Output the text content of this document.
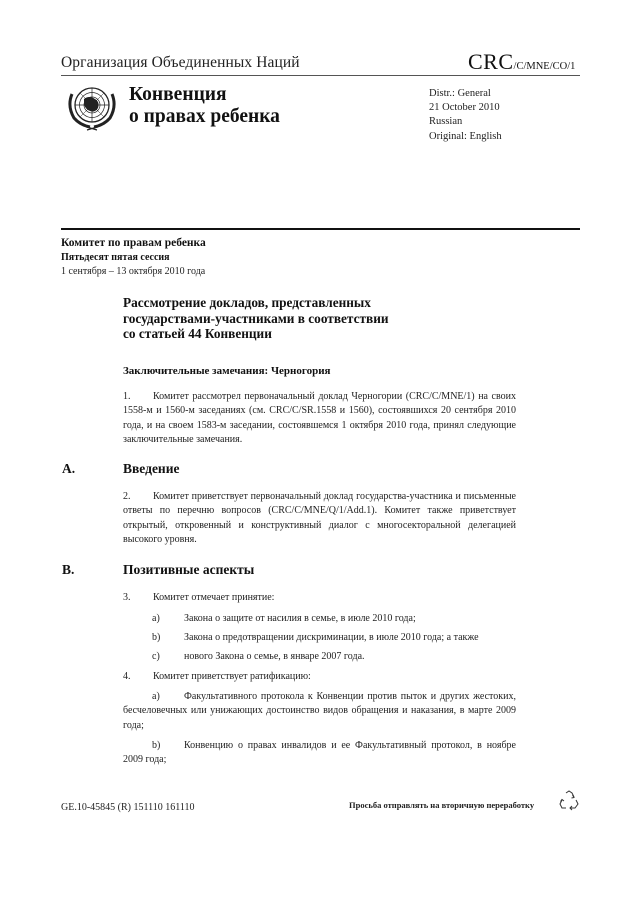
Организация Объединенных Наций	CRC/C/MNE/CO/1
Конвенция
о правах ребенка
Distr.: General
21 October 2010
Russian
Original: English
Комитет по правам ребенка
Пятьдесят пятая сессия
1 сентября – 13 октября 2010 года
Рассмотрение докладов, представленных
государствами-участниками в соответствии
со статьей 44 Конвенции
Заключительные замечания: Черногория
1. Комитет рассмотрел первоначальный доклад Черногории (CRC/C/MNE/1) на своих 1558-м и 1560-м заседаниях (см. CRC/C/SR.1558 и 1560), состоявшихся 20 сентября 2010 года, и на своем 1583-м заседании, состоявшемся 1 октября 2010 года, принял следующие заключительные замечания.
A.	Введение
2. Комитет приветствует первоначальный доклад государства-участника и письменные ответы по перечню вопросов (CRC/C/MNE/Q/1/Add.1). Комитет также приветствует открытый, откровенный и конструктивный диалог с многосекторальной делегацией высокого уровня.
B.	Позитивные аспекты
3. Комитет отмечает принятие:
a) Закона о защите от насилия в семье, в июле 2010 года;
b) Закона о предотвращении дискриминации, в июле 2010 года; а также
c) нового Закона о семье, в январе 2007 года.
4. Комитет приветствует ратификацию:
a) Факультативного протокола к Конвенции против пыток и других жестоких, бесчеловечных или унижающих достоинство видов обращения и наказания, в марте 2009 года;
b) Конвенцию о правах инвалидов и ее Факультативный протокол, в ноябре 2009 года;
GE.10-45845 (R) 151110 161110	Просьба отправлять на вторичную переработку
